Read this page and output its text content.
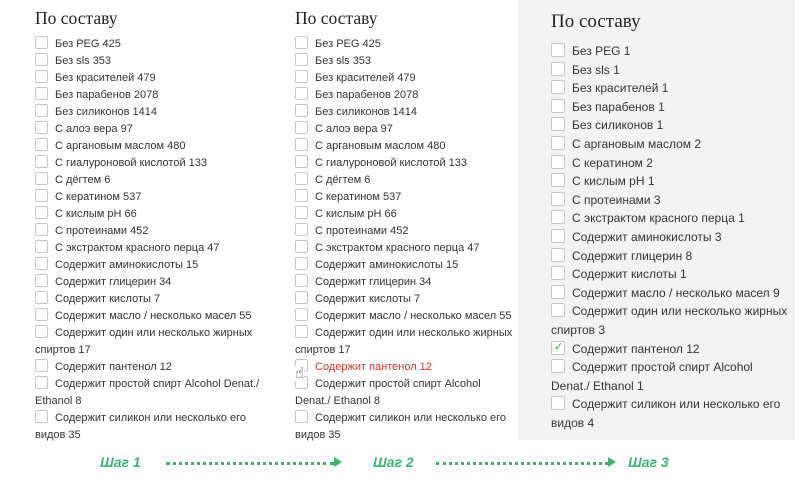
По составу
Без PEG 425
Без sls 353
Без красителей 479
Без парабенов 2078
Без силиконов 1414
С алоэ вера 97
С аргановым маслом 480
С гиалуроновой кислотой 133
С дёгтем 6
С кератином 537
С кислым pH 66
С протеинами 452
С экстрактом красного перца 47
Содержит аминокислоты 15
Содержит глицерин 34
Содержит кислоты 7
Содержит масло / несколько масел 55
Содержит один или несколько жирных спиртов 17
Содержит пантенол 12
Содержит простой спирт Alcohol Denat./ Ethanol 8
Содержит силикон или несколько его видов 35
По составу
Без PEG 425
Без sls 353
Без красителей 479
Без парабенов 2078
Без силиконов 1414
С алоэ вера 97
С аргановым маслом 480
С гиалуроновой кислотой 133
С дёгтем 6
С кератином 537
С кислым pH 66
С протеинами 452
С экстрактом красного перца 47
Содержит аминокислоты 15
Содержит глицерин 34
Содержит кислоты 7
Содержит масло / несколько масел 55
Содержит один или несколько жирных спиртов 17
Содержит пантенол 12
Содержит простой спирт Alcohol Denat./ Ethanol 8
Содержит силикон или несколько его видов 35
По составу
Без PEG 1
Без sls 1
Без красителей 1
Без парабенов 1
Без силиконов 1
С аргановым маслом 2
С кератином 2
С кислым pH 1
С протеинами 3
С экстрактом красного перца 1
Содержит аминокислоты 3
Содержит глицерин 8
Содержит кислоты 1
Содержит масло / несколько масел 9
Содержит один или несколько жирных спиртов 3
✓Содержит пантенол 12
Содержит простой спирт Alcohol Denat./ Ethanol 1
Содержит силикон или несколько его видов 4
☝
Шаг 1	Шаг 2	Шаг 3
